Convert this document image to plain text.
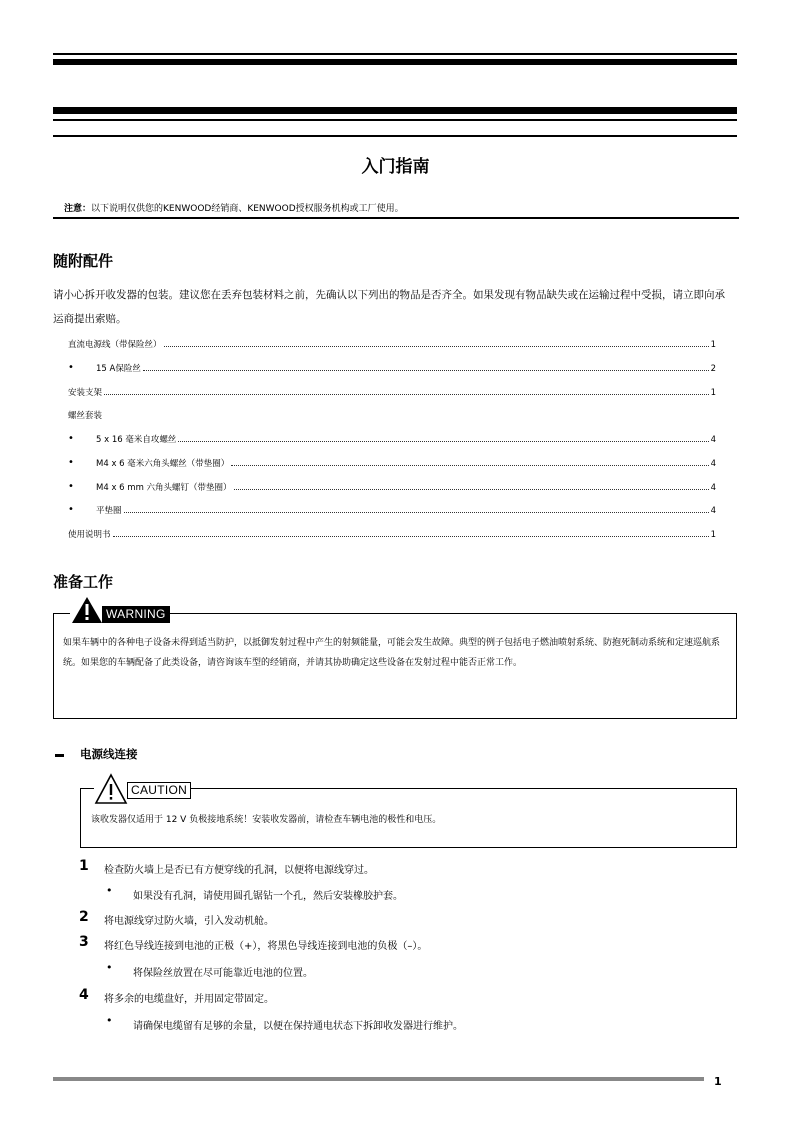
入门指南
注意：以下说明仅供您的KENWOOD经销商、KENWOOD授权服务机构或工厂使用。
随附配件
请小心拆开收发器的包装。建议您在丢弃包装材料之前，先确认以下列出的物品是否齐全。如果发现有物品缺失或在运输过程中受损，请立即向承运商提出索赔。
直流电源线（带保险丝）	1
•	15 A保险丝	2
安装支架	1
螺丝套装
•	5 x 16 毫米自攻螺丝	4
•	M4 x 6 毫米六角头螺丝（带垫圈）	4
•	M4 x 6 mm 六角头螺钉（带垫圈）	4
•	平垫圈	4
使用说明书	1
准备工作
WARNING
如果车辆中的各种电子设备未得到适当防护，以抵御发射过程中产生的射频能量，可能会发生故障。典型的例子包括电子燃油喷射系统、防抱死制动系统和定速巡航系统。如果您的车辆配备了此类设备，请咨询该车型的经销商，并请其协助确定这些设备在发射过程中能否正常工作。
电源线连接
CAUTION
该收发器仅适用于 12 V 负极接地系统！安装收发器前，请检查车辆电池的极性和电压。
1 检查防火墙上是否已有方便穿线的孔洞，以便将电源线穿过。
• 如果没有孔洞，请使用圆孔锯钻一个孔，然后安装橡胶护套。
2 将电源线穿过防火墙，引入发动机舱。
3 将红色导线连接到电池的正极（+），将黑色导线连接到电池的负极（–）。
• 将保险丝放置在尽可能靠近电池的位置。
4 将多余的电缆盘好，并用固定带固定。
• 请确保电缆留有足够的余量，以便在保持通电状态下拆卸收发器进行维护。
1
